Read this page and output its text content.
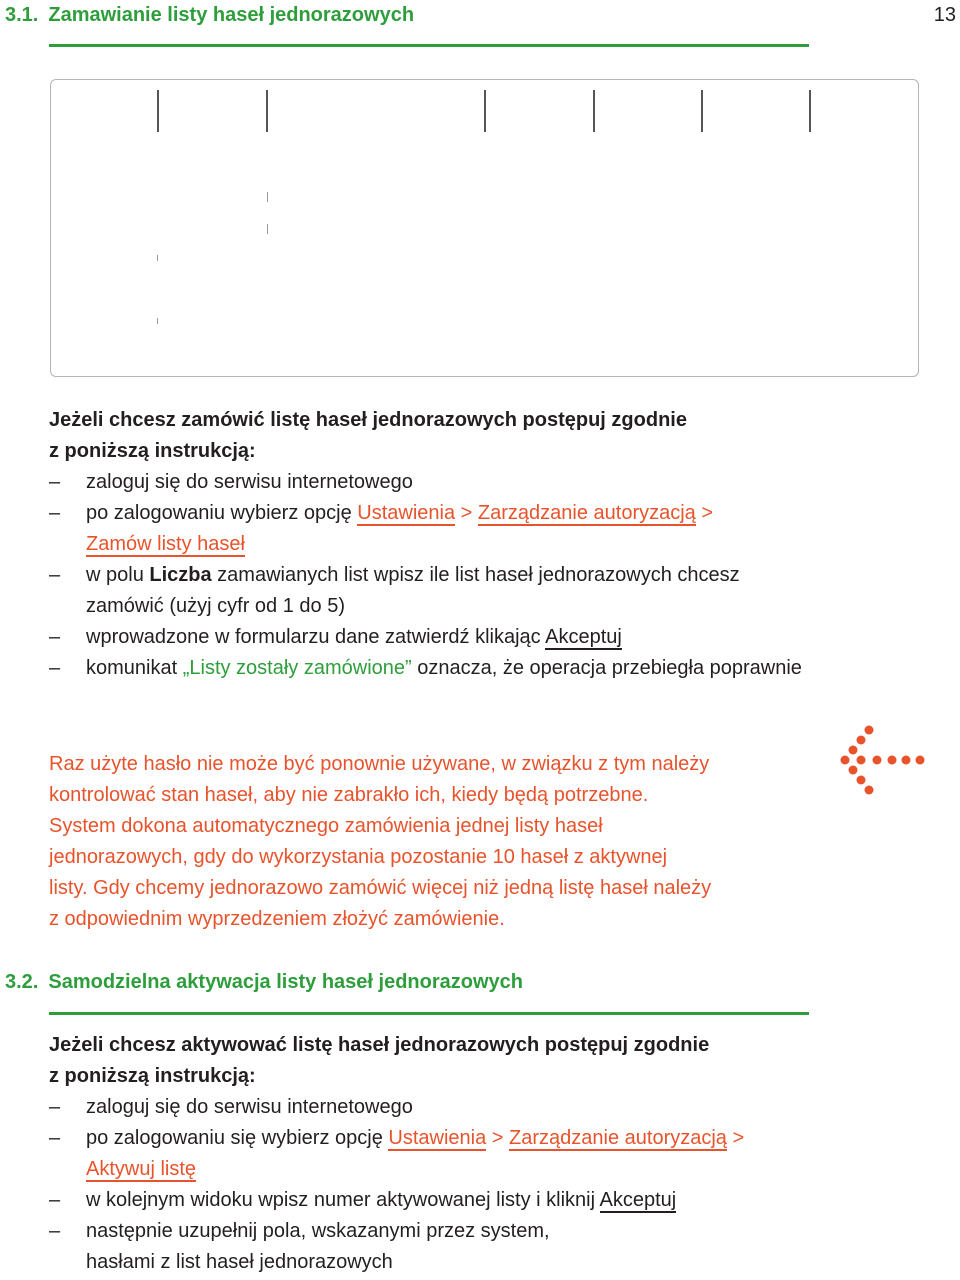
3.1. Zamawianie listy haseł jednorazowych	13
Jeżeli chcesz zamówić listę haseł jednorazowych postępuj zgodnie
z poniższą instrukcją:
– zaloguj się do serwisu internetowego
– po zalogowaniu wybierz opcję Ustawienia > Zarządzanie autoryzacją >
Zamów listy haseł
– w polu Liczba zamawianych list wpisz ile list haseł jednorazowych chcesz zamówić (użyj cyfr od 1 do 5)
– wprowadzone w formularzu dane zatwierdź klikając Akceptuj
– komunikat „Listy zostały zamówione” oznacza, że operacja przebiegła poprawnie
Raz użyte hasło nie może być ponownie używane, w związku z tym należy
kontrolować stan haseł, aby nie zabrakło ich, kiedy będą potrzebne.
System dokona automatycznego zamówienia jednej listy haseł
jednorazowych, gdy do wykorzystania pozostanie 10 haseł z aktywnej
listy. Gdy chcemy jednorazowo zamówić więcej niż jedną listę haseł należy
z odpowiednim wyprzedzeniem złożyć zamówienie.
3.2. Samodzielna aktywacja listy haseł jednorazowych
Jeżeli chcesz aktywować listę haseł jednorazowych postępuj zgodnie
z poniższą instrukcją:
– zaloguj się do serwisu internetowego
– po zalogowaniu się wybierz opcję Ustawienia > Zarządzanie autoryzacją >
Aktywuj listę
– w kolejnym widoku wpisz numer aktywowanej listy i kliknij Akceptuj
– następnie uzupełnij pola, wskazanymi przez system,
hasłami z list haseł jednorazowych
